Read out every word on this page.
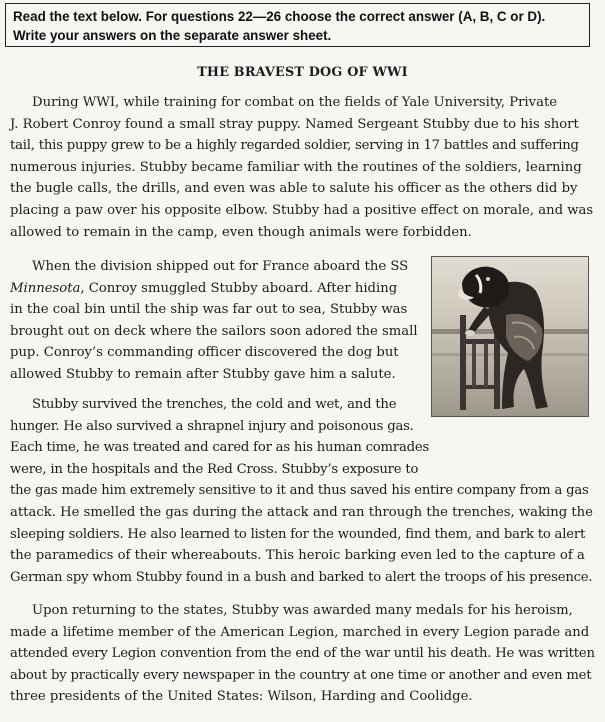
Read the text below. For questions 22—26 choose the correct answer (A, B, C or D).
Write your answers on the separate answer sheet.
THE BRAVEST DOG OF WWI
During WWI, while training for combat on the fields of Yale University, Private
J. Robert Conroy found a small stray puppy. Named Sergeant Stubby due to his short
tail, this puppy grew to be a highly regarded soldier, serving in 17 battles and suffering
numerous injuries. Stubby became familiar with the routines of the soldiers, learning
the bugle calls, the drills, and even was able to salute his officer as the others did by
placing a paw over his opposite elbow. Stubby had a positive effect on morale, and was
allowed to remain in the camp, even though animals were forbidden.
When the division shipped out for France aboard the SS
Minnesota, Conroy smuggled Stubby aboard. After hiding
in the coal bin until the ship was far out to sea, Stubby was
brought out on deck where the sailors soon adored the small
pup. Conroy’s commanding officer discovered the dog but
allowed Stubby to remain after Stubby gave him a salute.
Stubby survived the trenches, the cold and wet, and the
hunger. He also survived a shrapnel injury and poisonous gas.
Each time, he was treated and cared for as his human comrades
were, in the hospitals and the Red Cross. Stubby’s exposure to
the gas made him extremely sensitive to it and thus saved his entire company from a gas
attack. He smelled the gas during the attack and ran through the trenches, waking the
sleeping soldiers. He also learned to listen for the wounded, find them, and bark to alert
the paramedics of their whereabouts. This heroic barking even led to the capture of a
German spy whom Stubby found in a bush and barked to alert the troops of his presence.
Upon returning to the states, Stubby was awarded many medals for his heroism,
made a lifetime member of the American Legion, marched in every Legion parade and
attended every Legion convention from the end of the war until his death. He was written
about by practically every newspaper in the country at one time or another and even met
three presidents of the United States: Wilson, Harding and Coolidge.
